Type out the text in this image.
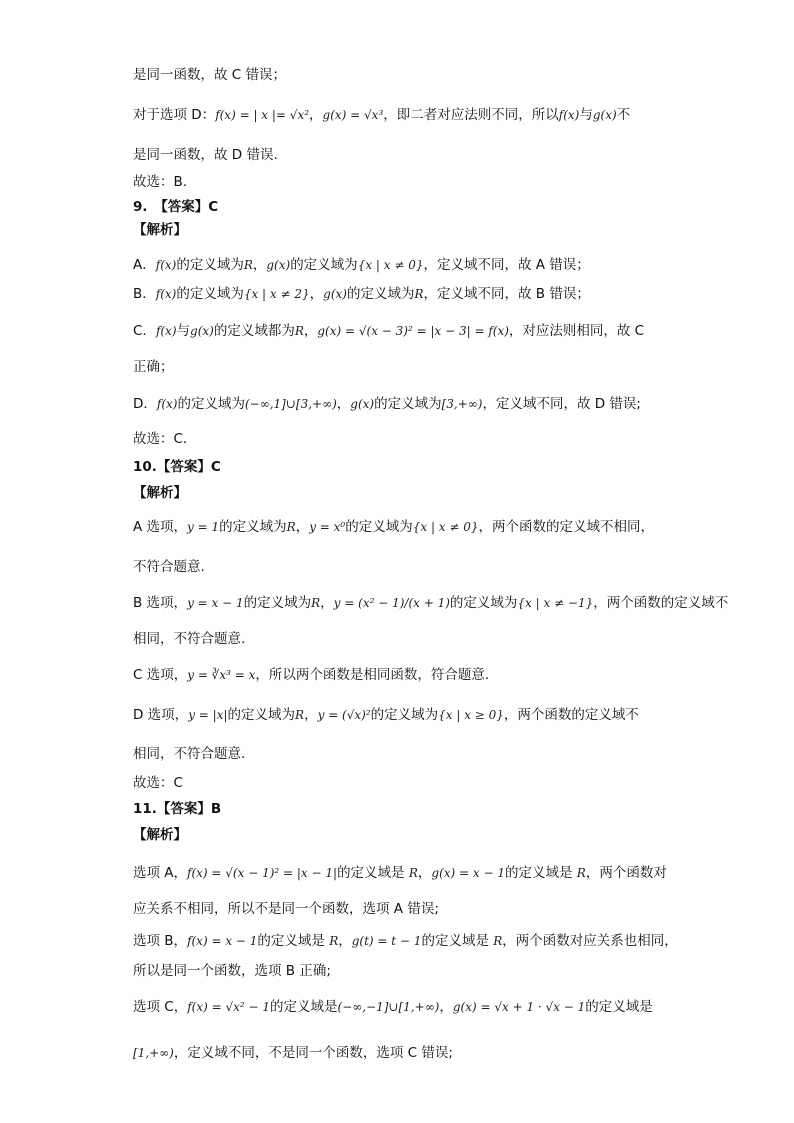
是同一函数，故 C 错误；
对于选项 D：f(x) = | x |= √x²，g(x) = √x³，即二者对应法则不同，所以f(x)与g(x)不
是同一函数，故 D 错误.
故选：B.
9.　【答案】C
【解析】
A．f(x)的定义域为R，g(x)的定义域为{x | x ≠ 0}，定义域不同，故 A 错误；
B．f(x)的定义域为{x | x ≠ 2}，g(x)的定义域为R，定义域不同，故 B 错误；
C．f(x)与g(x)的定义域都为R，g(x) = √(x − 3)² = |x − 3| = f(x)，对应法则相同，故 C
正确；
D．f(x)的定义域为(−∞,1]∪[3,+∞)，g(x)的定义域为[3,+∞)，定义域不同，故 D 错误;
故选：C．
10.【答案】C
【解析】
A 选项，y = 1的定义域为R，y = x⁰的定义域为{x | x ≠ 0}，两个函数的定义域不相同，
不符合题意.
B 选项，y = x − 1的定义域为R，y = (x² − 1)/(x + 1)的定义域为{x | x ≠ −1}，两个函数的定义域不
相同，不符合题意.
C 选项，y = ∛x³ = x，所以两个函数是相同函数，符合题意.
D 选项，y = |x|的定义域为R，y = (√x)²的定义域为{x | x ≥ 0}，两个函数的定义域不
相同，不符合题意.
故选：C
11.【答案】B
【解析】
选项 A，f(x) = √(x − 1)² = |x − 1|的定义域是 R，g(x) = x − 1的定义域是 R，两个函数对
应关系不相同，所以不是同一个函数，选项 A 错误;
选项 B，f(x) = x − 1的定义域是 R，g(t) = t − 1的定义域是 R，两个函数对应关系也相同，
所以是同一个函数，选项 B 正确;
选项 C，f(x) = √x² − 1的定义域是(−∞,−1]∪[1,+∞)，g(x) = √x + 1 · √x − 1的定义域是
[1,+∞)，定义域不同，不是同一个函数，选项 C 错误;
